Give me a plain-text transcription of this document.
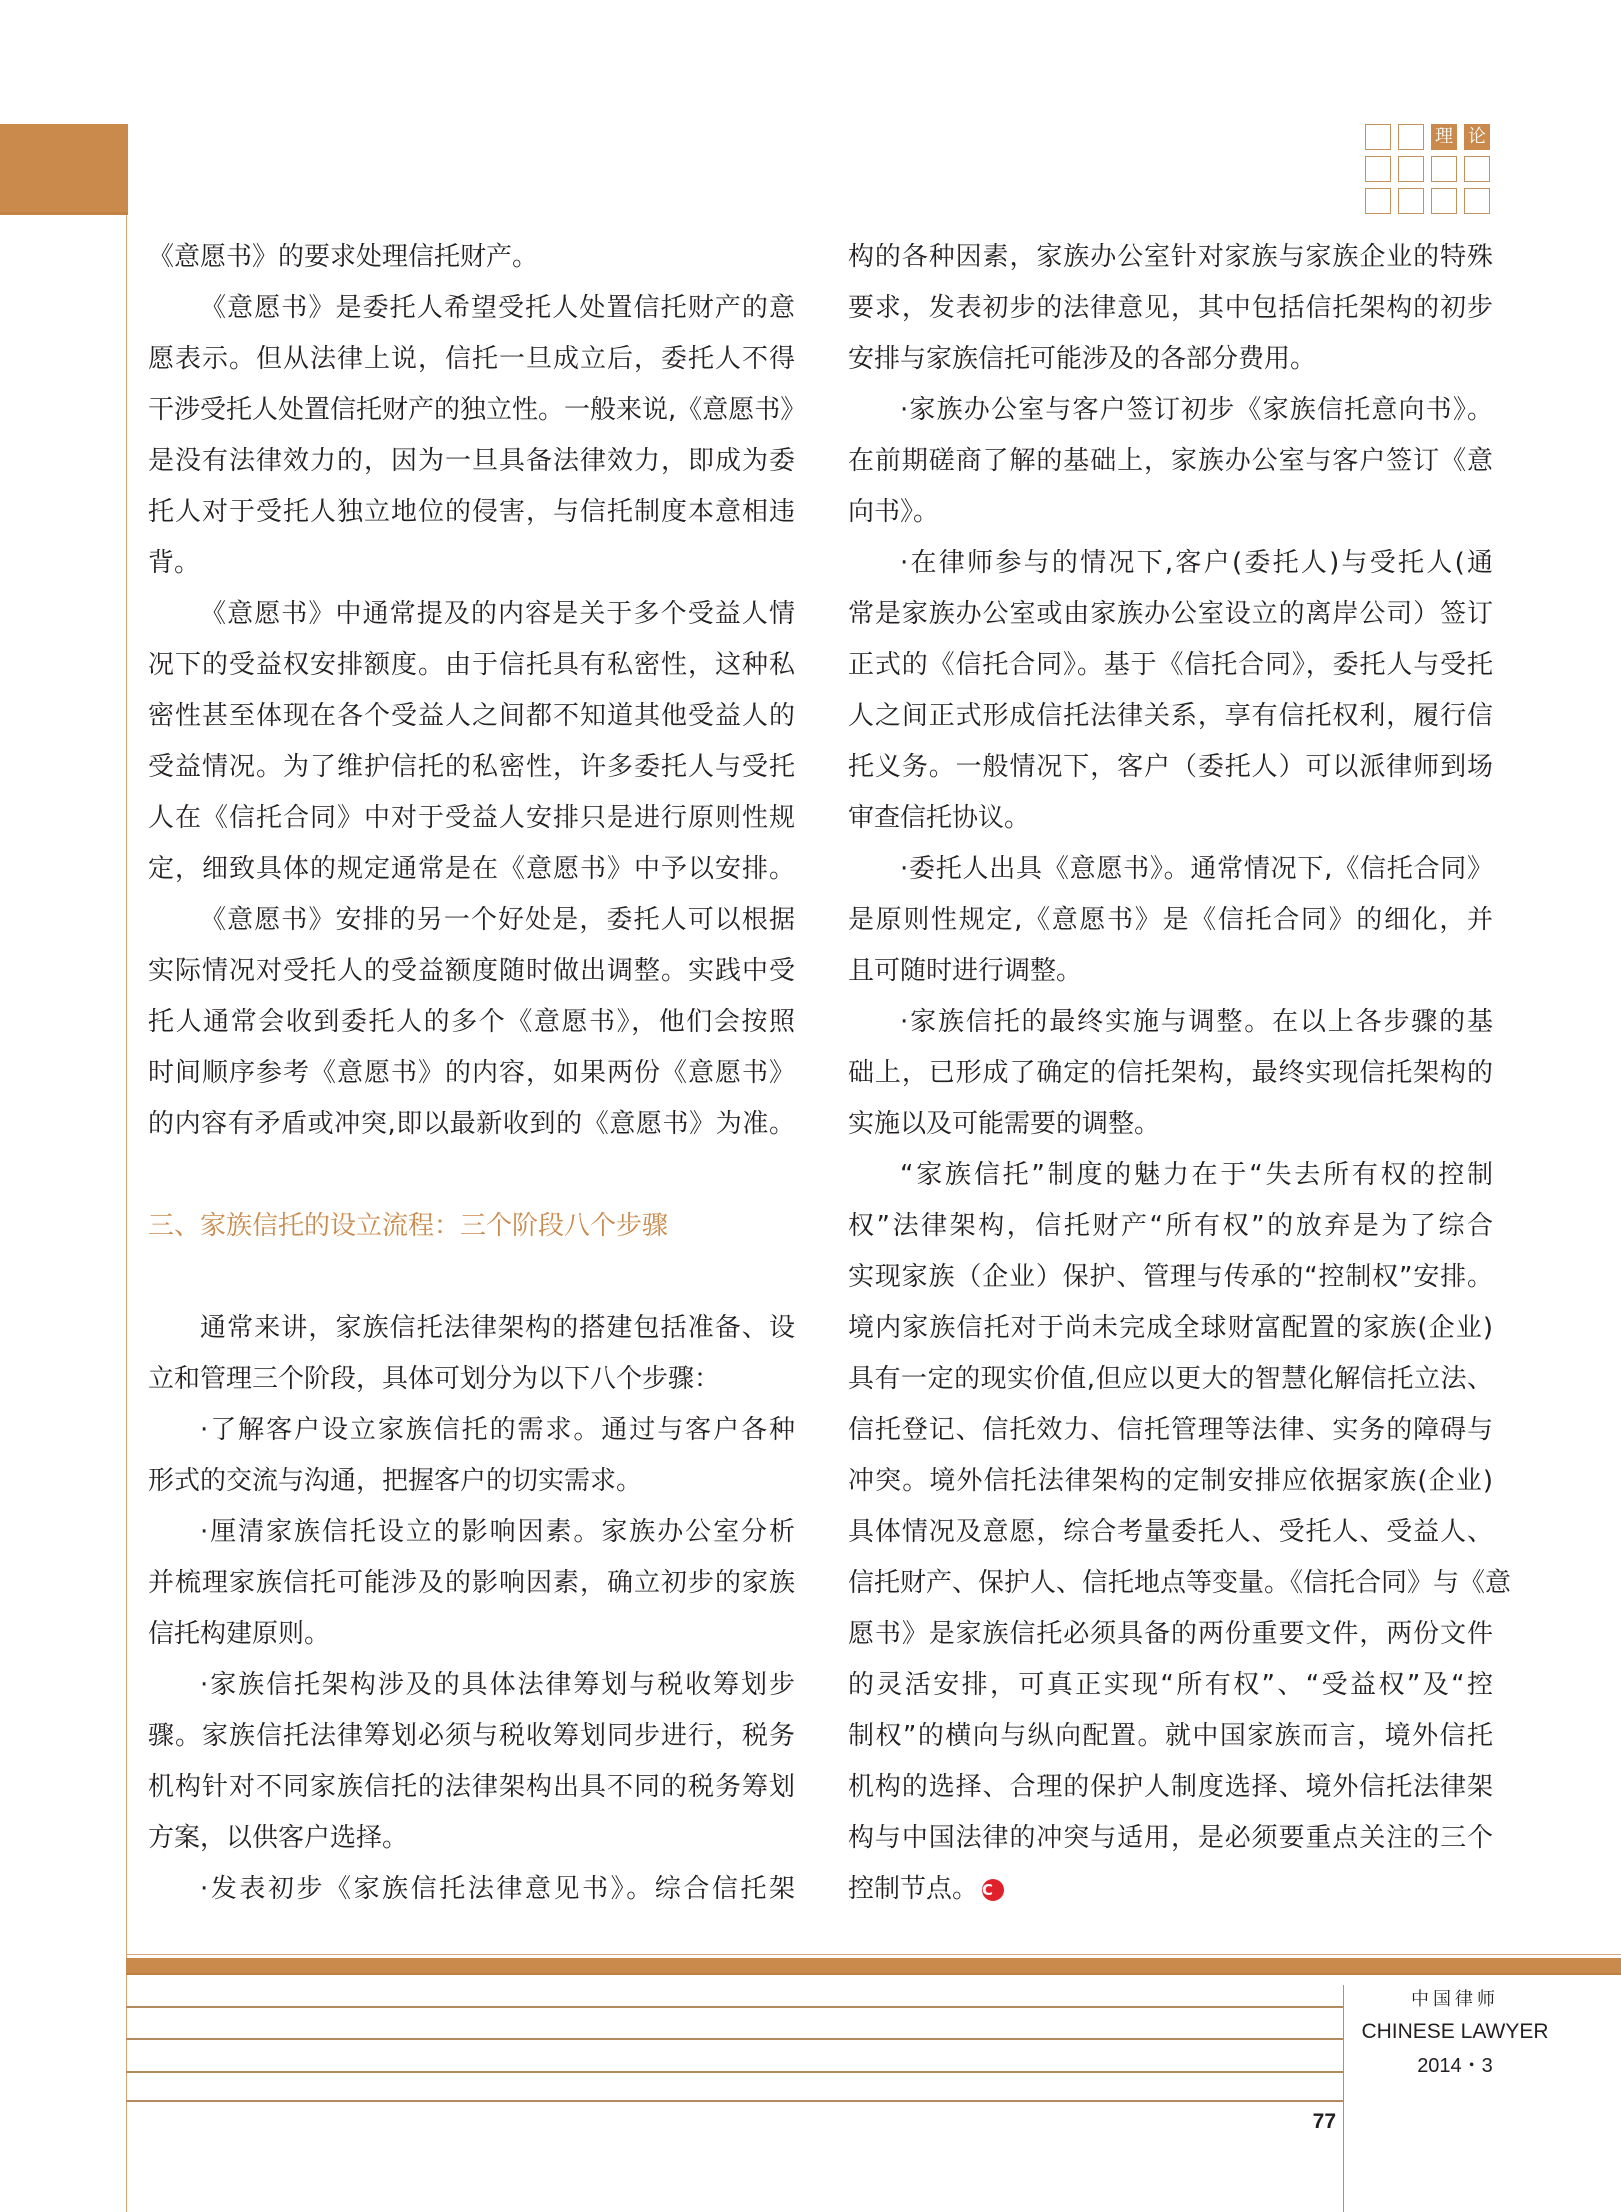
理 论
《意愿书》的要求处理信托财产。
《意愿书》是委托人希望受托人处置信托财产的意
愿表示。但从法律上说，信托一旦成立后，委托人不得
干涉受托人处置信托财产的独立性。一般来说,《意愿书》
是没有法律效力的，因为一旦具备法律效力，即成为委
托人对于受托人独立地位的侵害，与信托制度本意相违
背。
《意愿书》中通常提及的内容是关于多个受益人情
况下的受益权安排额度。由于信托具有私密性，这种私
密性甚至体现在各个受益人之间都不知道其他受益人的
受益情况。为了维护信托的私密性，许多委托人与受托
人在《信托合同》中对于受益人安排只是进行原则性规
定，细致具体的规定通常是在《意愿书》中予以安排。
《意愿书》安排的另一个好处是，委托人可以根据
实际情况对受托人的受益额度随时做出调整。实践中受
托人通常会收到委托人的多个《意愿书》，他们会按照
时间顺序参考《意愿书》的内容，如果两份《意愿书》
的内容有矛盾或冲突,即以最新收到的《意愿书》为准。
三、家族信托的设立流程：三个阶段八个步骤
通常来讲，家族信托法律架构的搭建包括准备、设
立和管理三个阶段，具体可划分为以下八个步骤：
·了解客户设立家族信托的需求。通过与客户各种
形式的交流与沟通，把握客户的切实需求。
·厘清家族信托设立的影响因素。家族办公室分析
并梳理家族信托可能涉及的影响因素，确立初步的家族
信托构建原则。
·家族信托架构涉及的具体法律筹划与税收筹划步
骤。家族信托法律筹划必须与税收筹划同步进行，税务
机构针对不同家族信托的法律架构出具不同的税务筹划
方案，以供客户选择。
·发表初步《家族信托法律意见书》。综合信托架
构的各种因素，家族办公室针对家族与家族企业的特殊
要求，发表初步的法律意见，其中包括信托架构的初步
安排与家族信托可能涉及的各部分费用。
·家族办公室与客户签订初步《家族信托意向书》。
在前期磋商了解的基础上，家族办公室与客户签订《意
向书》。
·在律师参与的情况下,客户(委托人)与受托人(通
常是家族办公室或由家族办公室设立的离岸公司）签订
正式的《信托合同》。基于《信托合同》，委托人与受托
人之间正式形成信托法律关系，享有信托权利，履行信
托义务。一般情况下，客户（委托人）可以派律师到场
审查信托协议。
·委托人出具《意愿书》。通常情况下,《信托合同》
是原则性规定,《意愿书》是《信托合同》的细化，并
且可随时进行调整。
·家族信托的最终实施与调整。在以上各步骤的基
础上，已形成了确定的信托架构，最终实现信托架构的
实施以及可能需要的调整。
“家族信托”制度的魅力在于“失去所有权的控制
权”法律架构，信托财产“所有权”的放弃是为了综合
实现家族（企业）保护、管理与传承的“控制权”安排。
境内家族信托对于尚未完成全球财富配置的家族(企业)
具有一定的现实价值,但应以更大的智慧化解信托立法、
信托登记、信托效力、信托管理等法律、实务的障碍与
冲突。境外信托法律架构的定制安排应依据家族(企业)
具体情况及意愿，综合考量委托人、受托人、受益人、
信托财产、保护人、信托地点等变量。《信托合同》与《意
愿书》是家族信托必须具备的两份重要文件，两份文件
的灵活安排，可真正实现“所有权”、“受益权”及“控
制权”的横向与纵向配置。就中国家族而言，境外信托
机构的选择、合理的保护人制度选择、境外信托法律架
构与中国法律的冲突与适用，是必须要重点关注的三个
控制节点。 C
中国律师
CHINESE LAWYER
2014・3
77
